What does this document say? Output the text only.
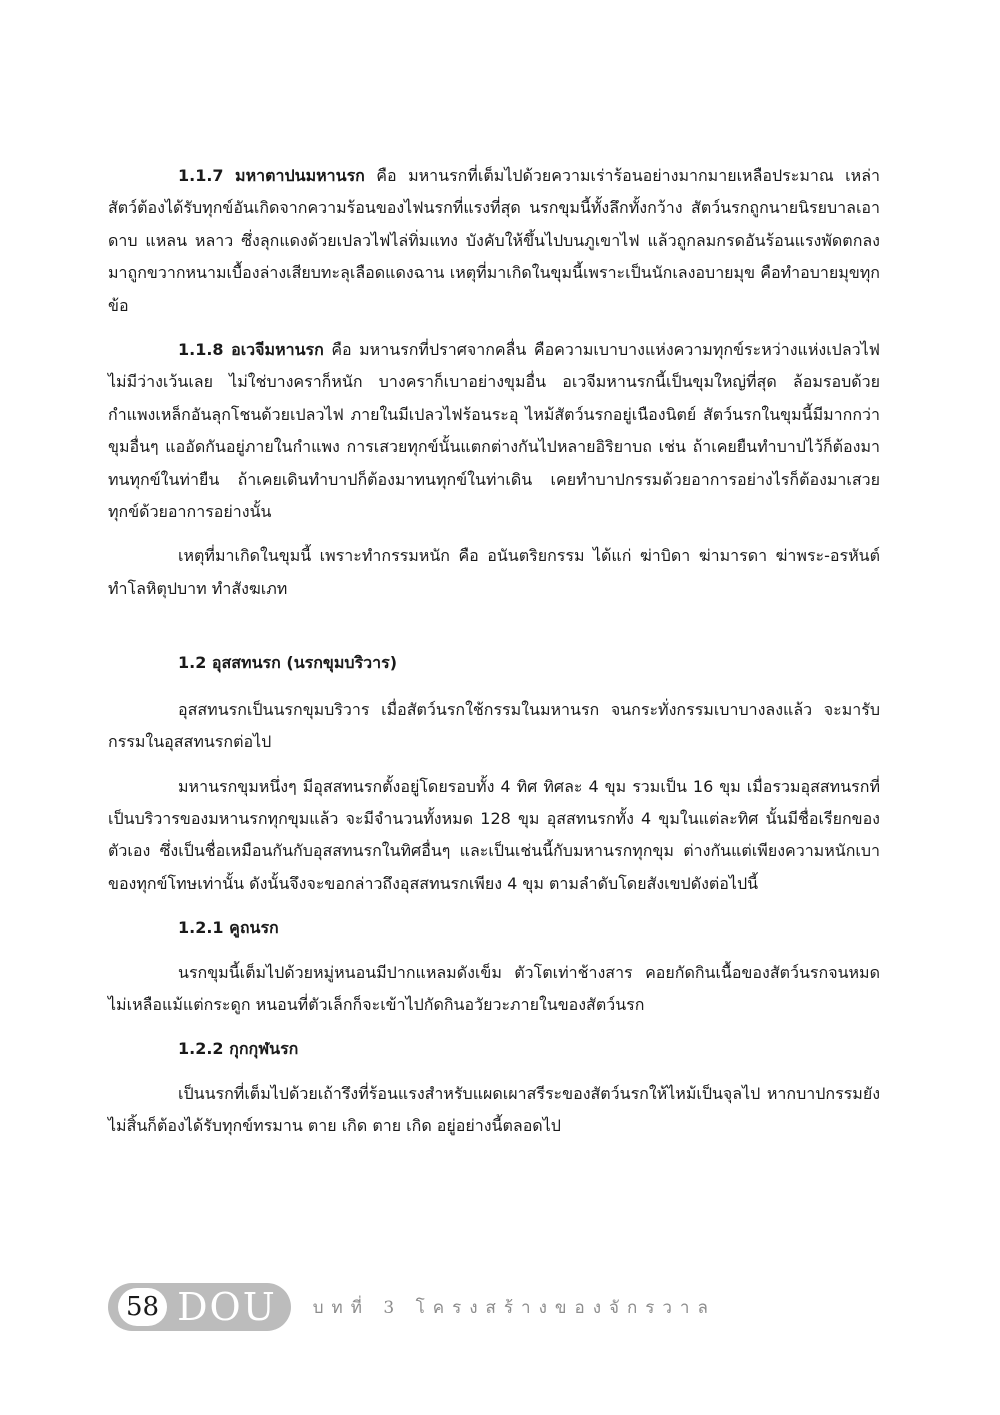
1.1.7 มหาตาปนมหานรก คือ มหานรกที่เต็มไปด้วยความเร่าร้อนอย่างมากมายเหลือประมาณ เหล่าสัตว์ต้องได้รับทุกข์อันเกิดจากความร้อนของไฟนรกที่แรงที่สุด นรกขุมนี้ทั้งลึกทั้งกว้าง สัตว์นรกถูกนายนิรยบาลเอาดาบ แหลน หลาว ซึ่งลุกแดงด้วยเปลวไฟไล่ทิ่มแทง บังคับให้ขึ้นไปบนภูเขาไฟ แล้วถูกลมกรดอันร้อนแรงพัดตกลงมาถูกขวากหนามเบื้องล่างเสียบทะลุเลือดแดงฉาน เหตุที่มาเกิดในขุมนี้เพราะเป็นนักเลงอบายมุข คือทำอบายมุขทุกข้อ

1.1.8 อเวจีมหานรก คือ มหานรกที่ปราศจากคลื่น คือความเบาบางแห่งความทุกข์ระหว่างแห่งเปลวไฟไม่มีว่างเว้นเลย ไม่ใช่บางคราก็หนัก บางคราก็เบาอย่างขุมอื่น อเวจีมหานรกนี้เป็นขุมใหญ่ที่สุด ล้อมรอบด้วยกำแพงเหล็กอันลุกโชนด้วยเปลวไฟ ภายในมีเปลวไฟร้อนระอุ ไหม้สัตว์นรกอยู่เนืองนิตย์ สัตว์นรกในขุมนี้มีมากกว่าขุมอื่นๆ แออัดกันอยู่ภายในกำแพง การเสวยทุกข์นั้นแตกต่างกันไปหลายอิริยาบถ เช่น ถ้าเคยยืนทำบาปไว้ก็ต้องมาทนทุกข์ในท่ายืน ถ้าเคยเดินทำบาปก็ต้องมาทนทุกข์ในท่าเดิน เคยทำบาปกรรมด้วยอาการอย่างไรก็ต้องมาเสวยทุกข์ด้วยอาการอย่างนั้น

เหตุที่มาเกิดในขุมนี้ เพราะทำกรรมหนัก คือ อนันตริยกรรม ได้แก่ ฆ่าบิดา ฆ่ามารดา ฆ่าพระ-อรหันต์ ทำโลหิตุปบาท ทำสังฆเภท

1.2 อุสสทนรก (นรกขุมบริวาร)

อุสสทนรกเป็นนรกขุมบริวาร เมื่อสัตว์นรกใช้กรรมในมหานรก จนกระทั่งกรรมเบาบางลงแล้ว จะมารับกรรมในอุสสทนรกต่อไป

มหานรกขุมหนึ่งๆ มีอุสสทนรกตั้งอยู่โดยรอบทั้ง 4 ทิศ ทิศละ 4 ขุม รวมเป็น 16 ขุม เมื่อรวมอุสสทนรกที่เป็นบริวารของมหานรกทุกขุมแล้ว จะมีจำนวนทั้งหมด 128 ขุม อุสสทนรกทั้ง 4 ขุมในแต่ละทิศ นั้นมีชื่อเรียกของตัวเอง ซึ่งเป็นชื่อเหมือนกันกับอุสสทนรกในทิศอื่นๆ และเป็นเช่นนี้กับมหานรกทุกขุม ต่างกันแต่เพียงความหนักเบาของทุกข์โทษเท่านั้น ดังนั้นจึงจะขอกล่าวถึงอุสสทนรกเพียง 4 ขุม ตามลำดับโดยสังเขปดังต่อไปนี้

1.2.1 คูถนรก

นรกขุมนี้เต็มไปด้วยหมู่หนอนมีปากแหลมดังเข็ม ตัวโตเท่าช้างสาร คอยกัดกินเนื้อของสัตว์นรกจนหมดไม่เหลือแม้แต่กระดูก หนอนที่ตัวเล็กก็จะเข้าไปกัดกินอวัยวะภายในของสัตว์นรก

1.2.2 กุกกุฬนรก

เป็นนรกที่เต็มไปด้วยเถ้ารึงที่ร้อนแรงสำหรับแผดเผาสรีระของสัตว์นรกให้ไหม้เป็นจุลไป หากบาปกรรมยังไม่สิ้นก็ต้องได้รับทุกข์ทรมาน ตาย เกิด ตาย เกิด อยู่อย่างนี้ตลอดไป

58 DOU บทที่ 3 โครงสร้างของจักรวาล
